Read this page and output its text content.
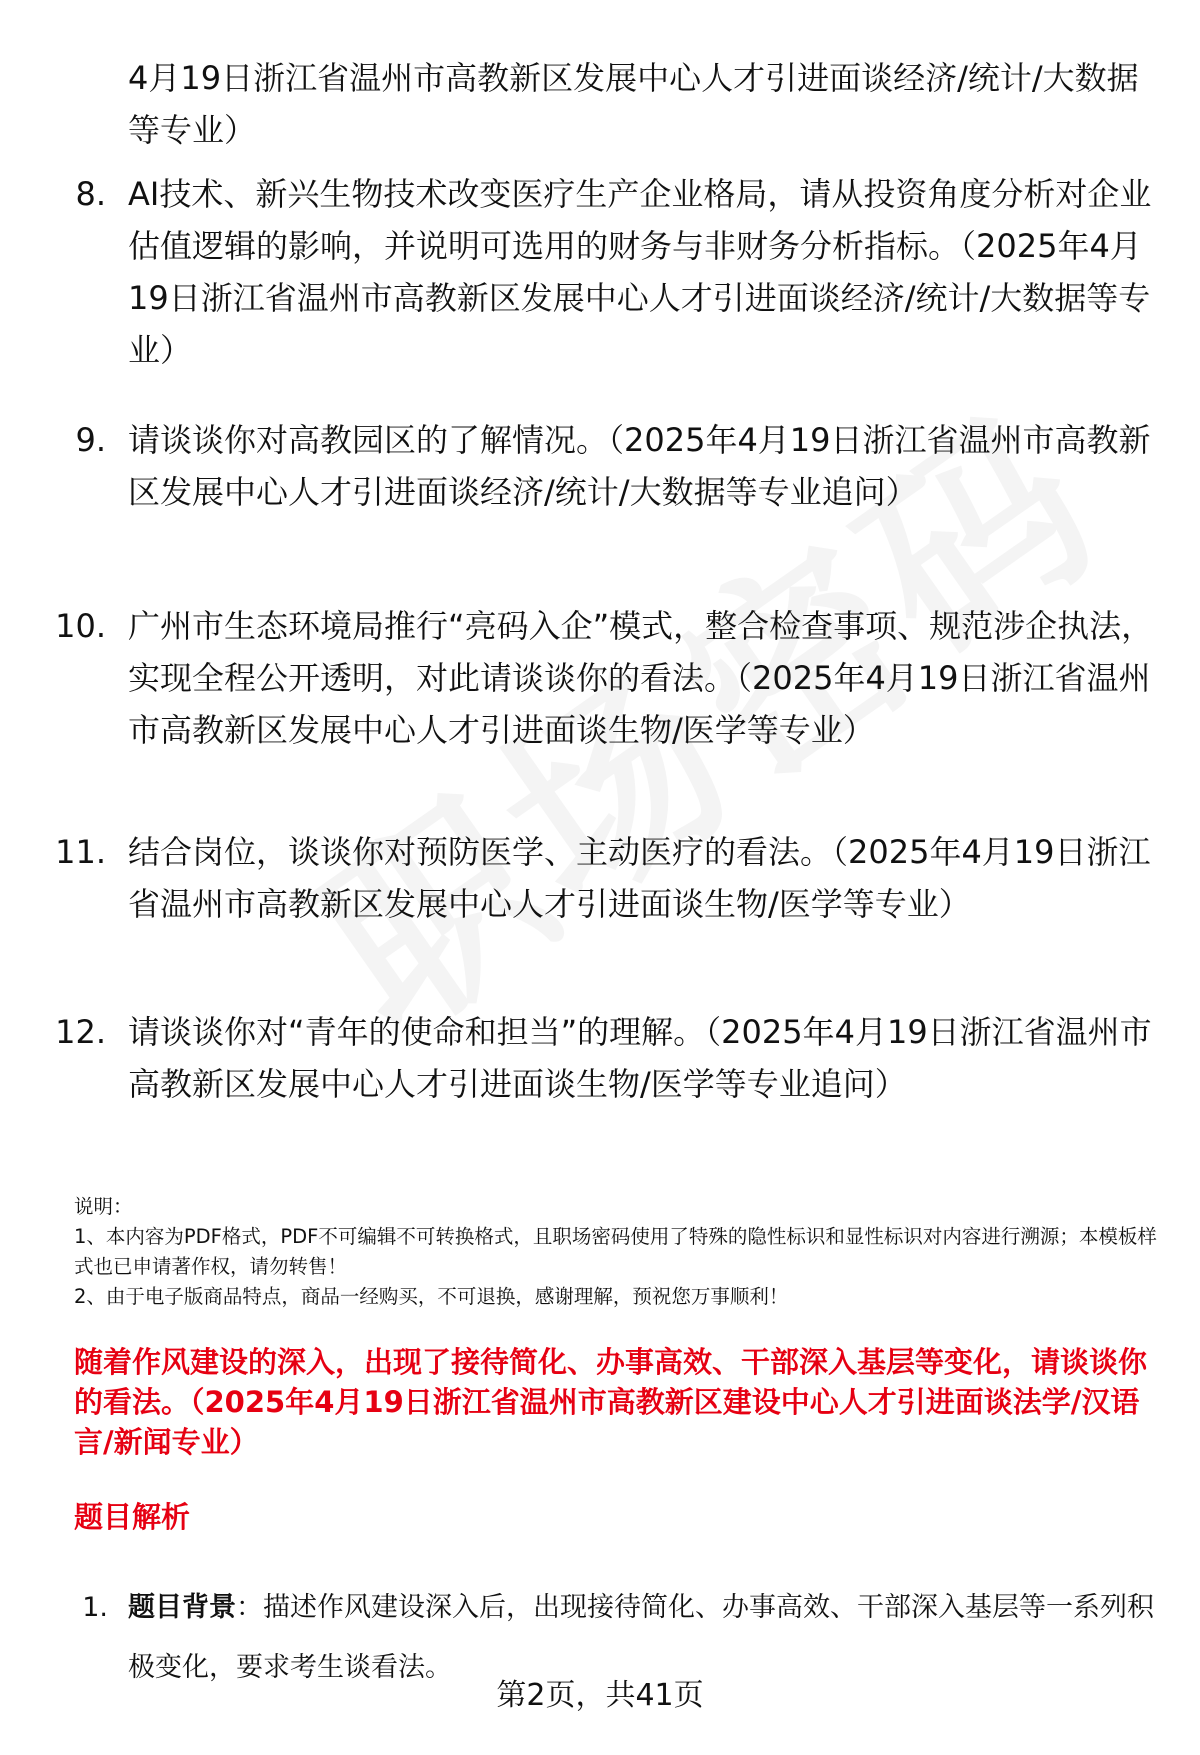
4月19日浙江省温州市高教新区发展中心人才引进面谈经济/统计/大数据等专业）
8. AI技术、新兴生物技术改变医疗生产企业格局，请从投资角度分析对企业估值逻辑的影响，并说明可选用的财务与非财务分析指标。（2025年4月19日浙江省温州市高教新区发展中心人才引进面谈经济/统计/大数据等专业）
9. 请谈谈你对高教园区的了解情况。（2025年4月19日浙江省温州市高教新区发展中心人才引进面谈经济/统计/大数据等专业追问）
10. 广州市生态环境局推行“亮码入企”模式，整合检查事项、规范涉企执法，实现全程公开透明，对此请谈谈你的看法。（2025年4月19日浙江省温州市高教新区发展中心人才引进面谈生物/医学等专业）
11. 结合岗位，谈谈你对预防医学、主动医疗的看法。（2025年4月19日浙江省温州市高教新区发展中心人才引进面谈生物/医学等专业）
12. 请谈谈你对“青年的使命和担当”的理解。（2025年4月19日浙江省温州市高教新区发展中心人才引进面谈生物/医学等专业追问）

说明：

1、本内容为PDF格式，PDF不可编辑不可转换格式，且职场密码使用了特殊的隐性标识和显性标识对内容进行溯源；本模板样式也已申请著作权，请勿转售！

2、由于电子版商品特点，商品一经购买，不可退换，感谢理解，预祝您万事顺利！

随着作风建设的深入，出现了接待简化、办事高效、干部深入基层等变化，请谈谈你的看法。（2025年4月19日浙江省温州市高教新区建设中心人才引进面谈法学/汉语言/新闻专业）
题目解析
1. 题目背景：描述作风建设深入后，出现接待简化、办事高效、干部深入基层等一系列积极变化，要求考生谈看法。
第2页，共41页
